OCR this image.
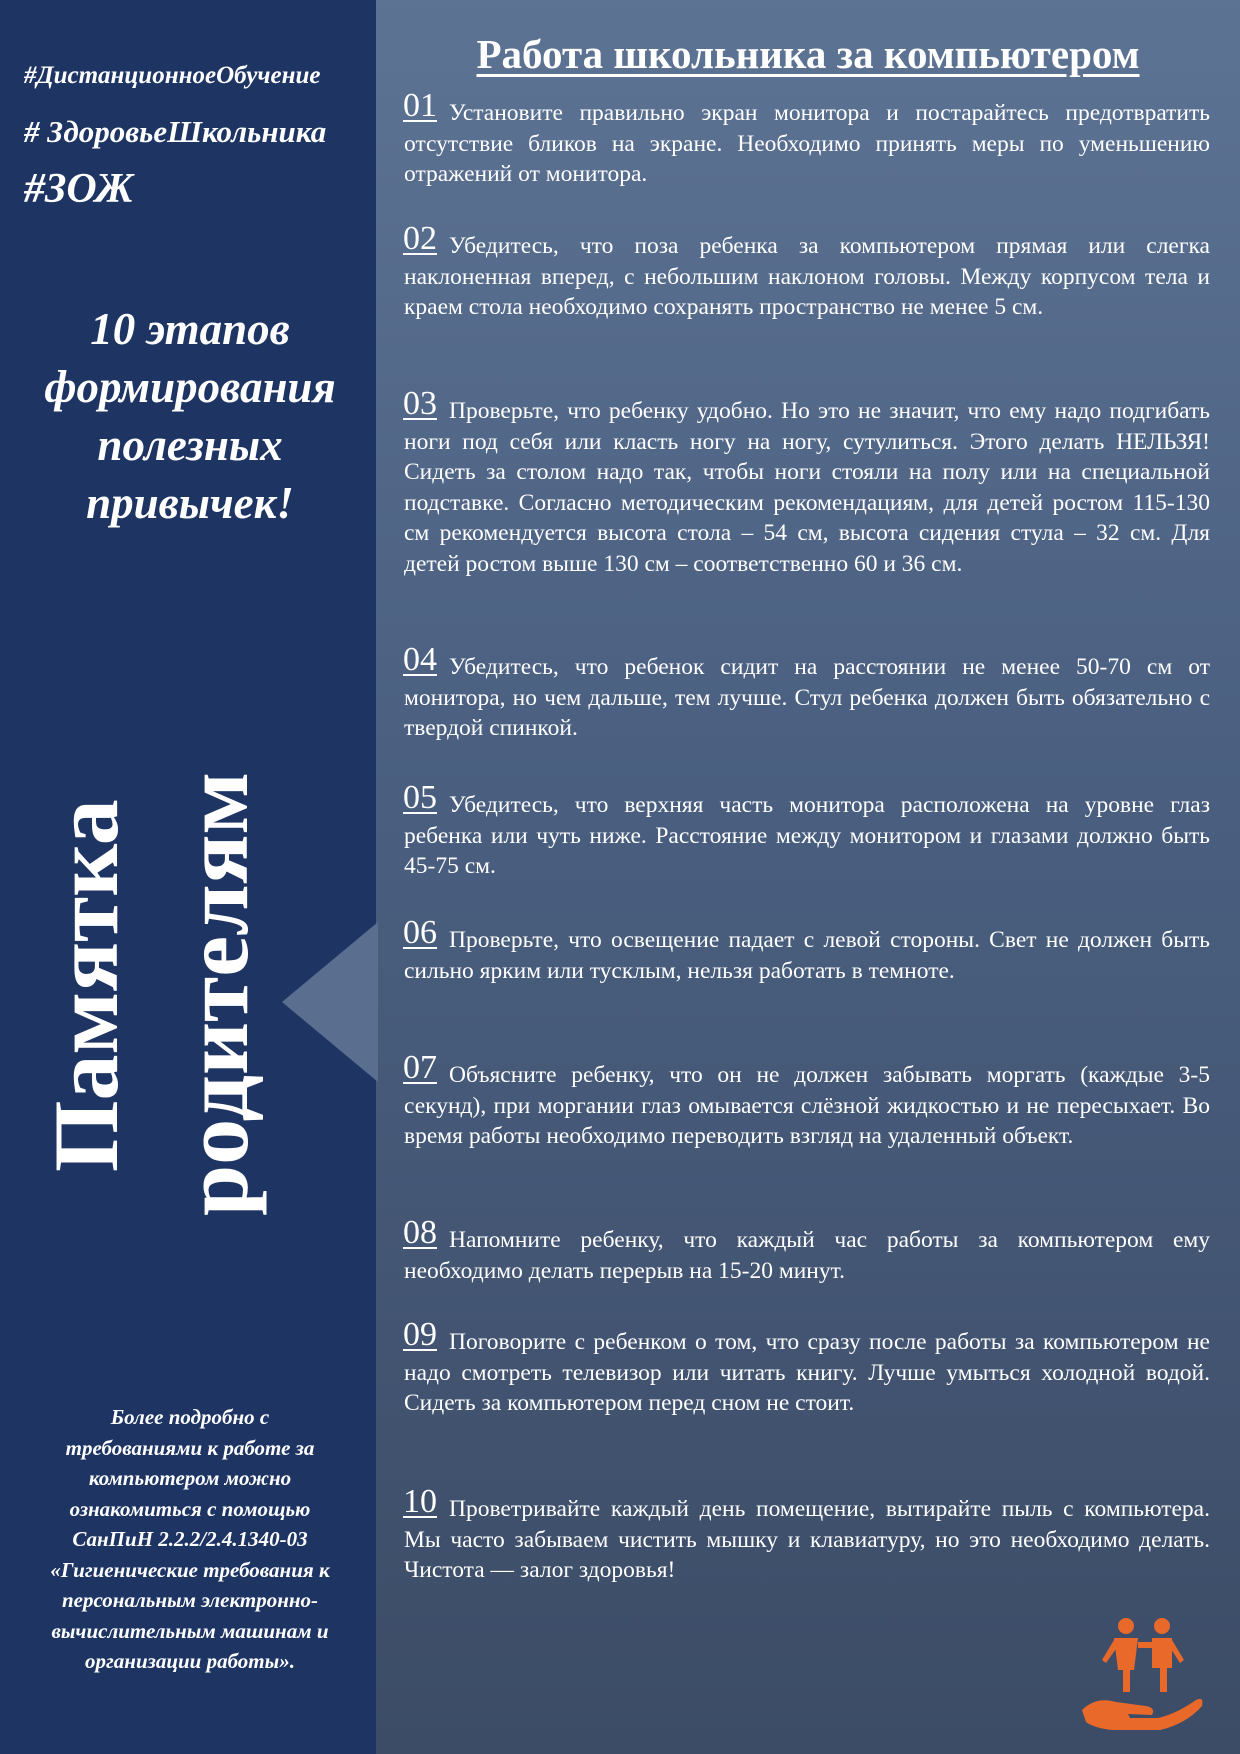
#ДистанционноеОбучение
# ЗдоровьеШкольника
#ЗОЖ
10 этапов
формирования
полезных
привычек!
Памятка родителям
Более подробно с
требованиями к работе за
компьютером можно
ознакомиться с помощью
СанПиН 2.2.2/2.4.1340-03
«Гигиенические требования к
персональным электронно-
вычислительным машинам и
организации работы».
Работа школьника за компьютером
01 Установите правильно экран монитора и постарайтесь предотвратить отсутствие бликов на экране. Необходимо принять меры по уменьшению отражений от монитора.
02 Убедитесь, что поза ребенка за компьютером прямая или слегка наклоненная вперед, с небольшим наклоном головы. Между корпусом тела и краем стола необходимо сохранять пространство не менее 5 см.
03 Проверьте, что ребенку удобно. Но это не значит, что ему надо подгибать ноги под себя или класть ногу на ногу, сутулиться. Этого делать НЕЛЬЗЯ! Сидеть за столом надо так, чтобы ноги стояли на полу или на специальной подставке. Согласно методическим рекомендациям, для детей ростом 115-130 см рекомендуется высота стола – 54 см, высота сидения стула – 32 см. Для детей ростом выше 130 см – соответственно 60 и 36 см.
04 Убедитесь, что ребенок сидит на расстоянии не менее 50-70 см от монитора, но чем дальше, тем лучше. Стул ребенка должен быть обязательно с твердой спинкой.
05 Убедитесь, что верхняя часть монитора расположена на уровне глаз ребенка или чуть ниже. Расстояние между монитором и глазами должно быть 45-75 см.
06 Проверьте, что освещение падает с левой стороны. Свет не должен быть сильно ярким или тусклым, нельзя работать в темноте.
07 Объясните ребенку, что он не должен забывать моргать (каждые 3-5 секунд), при моргании глаз омывается слёзной жидкостью и не пересыхает. Во время работы необходимо переводить взгляд на удаленный объект.
08 Напомните ребенку, что каждый час работы за компьютером ему необходимо делать перерыв на 15-20 минут.
09 Поговорите с ребенком о том, что сразу после работы за компьютером не надо смотреть телевизор или читать книгу. Лучше умыться холодной водой. Сидеть за компьютером перед сном не стоит.
10 Проветривайте каждый день помещение, вытирайте пыль с компьютера. Мы часто забываем чистить мышку и клавиатуру, но это необходимо делать. Чистота — залог здоровья!
